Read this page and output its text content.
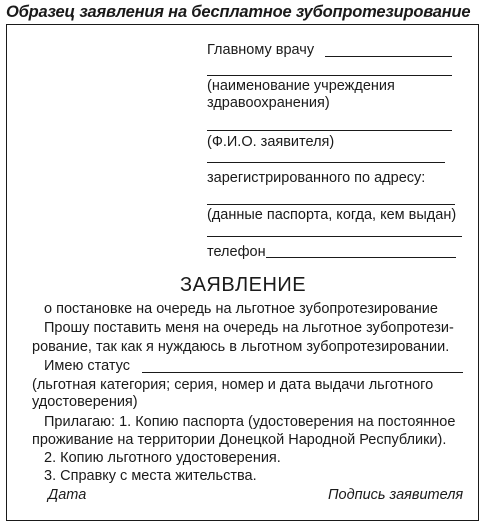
Образец заявления на бесплатное зубопротезирование
Главному врачу
(наименование учреждения
здравоохранения)
(Ф.И.О. заявителя)
зарегистрированного по адресу:
(данные паспорта, когда, кем выдан)
телефон
ЗАЯВЛЕНИЕ
о постановке на очередь на льготное зубопротезирование
Прошу поставить меня на очередь на льготное зубопротези-
рование, так как я нуждаюсь в льготном зубопротезировании.
Имею статус
(льготная категория; серия, номер и дата выдачи льготного
удостоверения)
Прилагаю: 1. Копию паспорта (удостоверения на постоянное
проживание на территории Донецкой Народной Республики).
2. Копию льготного удостоверения.
3. Справку с места жительства.
Дата	Подпись заявителя
